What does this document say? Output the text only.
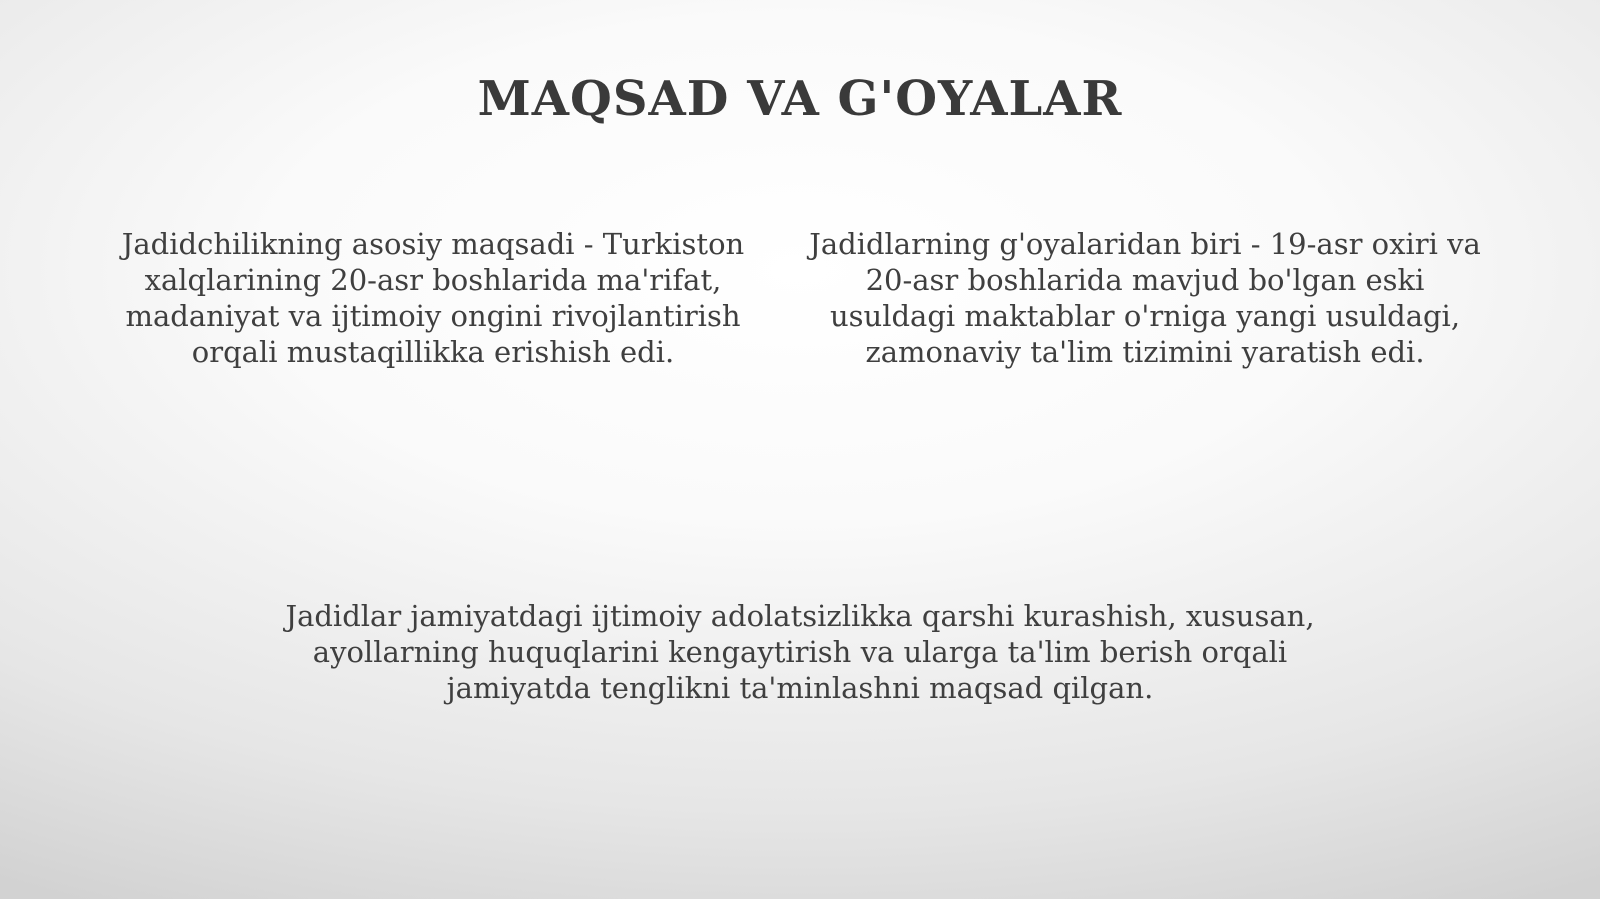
MAQSAD VA G'OYALAR

Jadidchilikning asosiy maqsadi - Turkiston xalqlarining 20-asr boshlarida ma'rifat, madaniyat va ijtimoiy ongini rivojlantirish orqali mustaqillikka erishish edi.

Jadidlarning g'oyalaridan biri - 19-asr oxiri va 20-asr boshlarida mavjud bo'lgan eski usuldagi maktablar o'rniga yangi usuldagi, zamonaviy ta'lim tizimini yaratish edi.

Jadidlar jamiyatdagi ijtimoiy adolatsizlikka qarshi kurashish, xususan, ayollarning huquqlarini kengaytirish va ularga ta'lim berish orqali jamiyatda tenglikni ta'minlashni maqsad qilgan.
